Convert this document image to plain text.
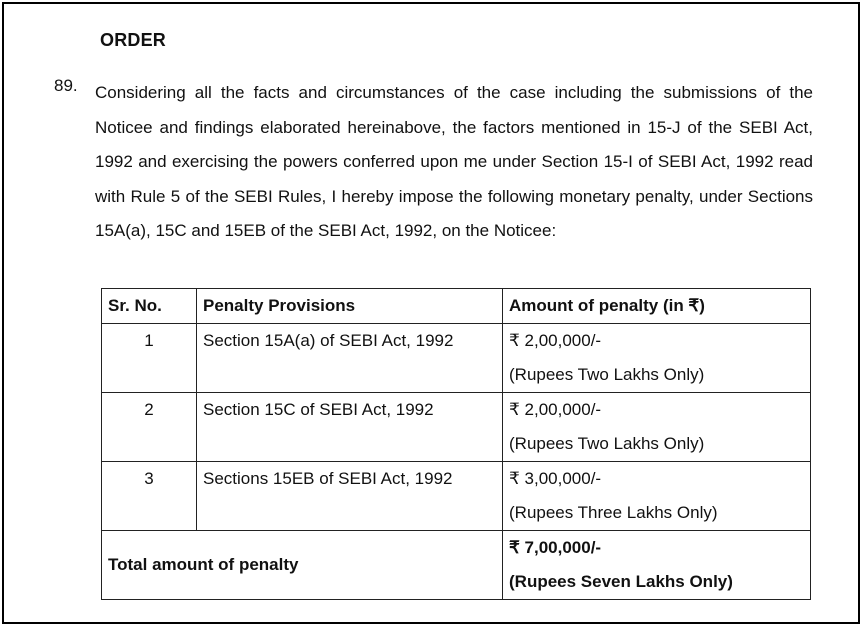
ORDER
89. Considering all the facts and circumstances of the case including the submissions of the Noticee and findings elaborated hereinabove, the factors mentioned in 15-J of the SEBI Act, 1992 and exercising the powers conferred upon me under Section 15-I of SEBI Act, 1992 read with Rule 5 of the SEBI Rules, I hereby impose the following monetary penalty, under Sections 15A(a), 15C and 15EB of the SEBI Act, 1992, on the Noticee:
Sr. No.	Penalty Provisions	Amount of penalty (in ₹)
1	Section 15A(a) of SEBI Act, 1992	₹ 2,00,000/-
(Rupees Two Lakhs Only)

2	Section 15C of SEBI Act, 1992	₹ 2,00,000/-
(Rupees Two Lakhs Only)

3	Sections 15EB of SEBI Act, 1992	₹ 3,00,000/-
(Rupees Three Lakhs Only)

Total amount of penalty		₹ 7,00,000/-
(Rupees Seven Lakhs Only)
